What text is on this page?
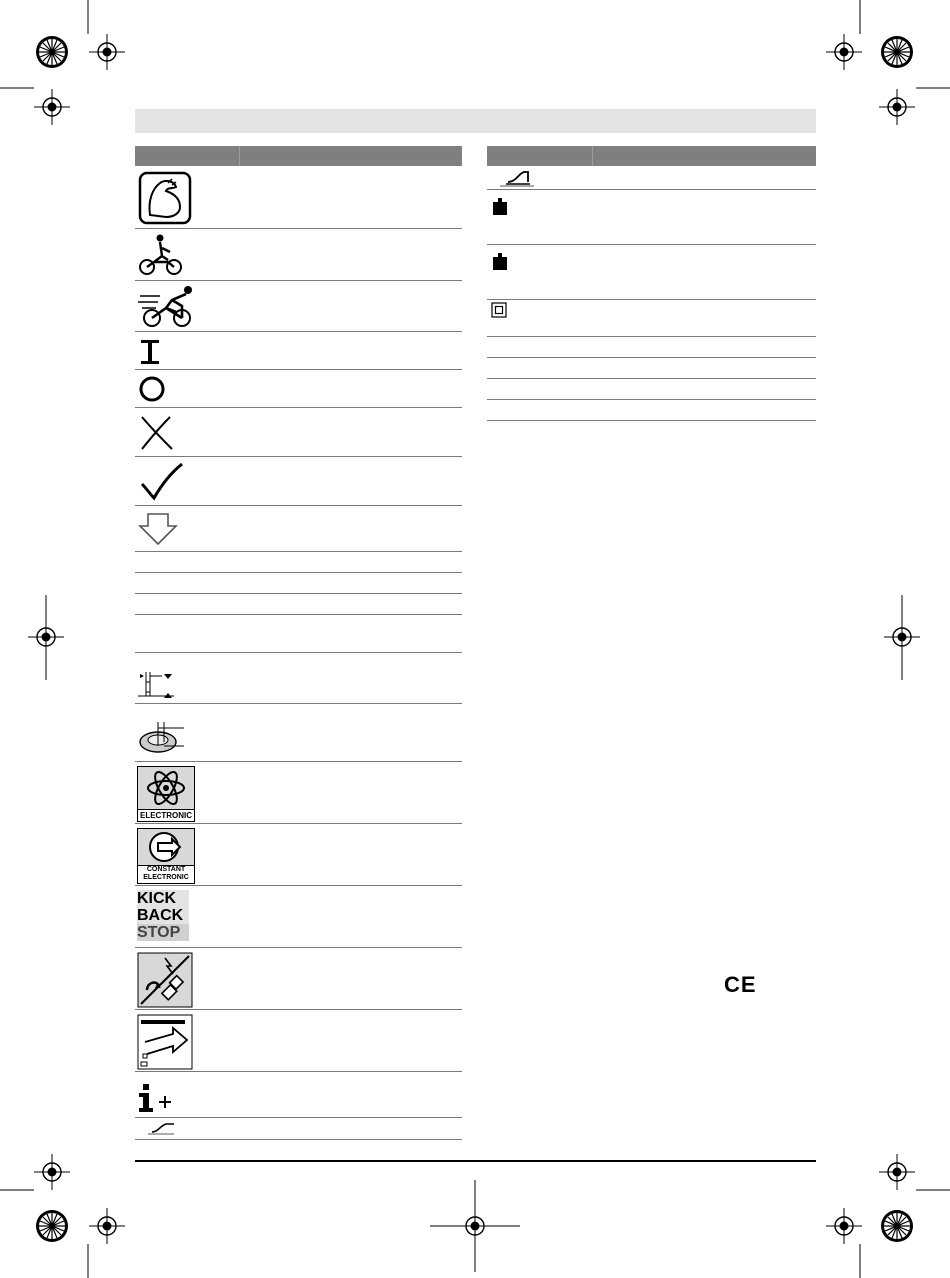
ELECTRONIC
CONSTANT
ELECTRONIC
KICK
BACK
STOP
CE
